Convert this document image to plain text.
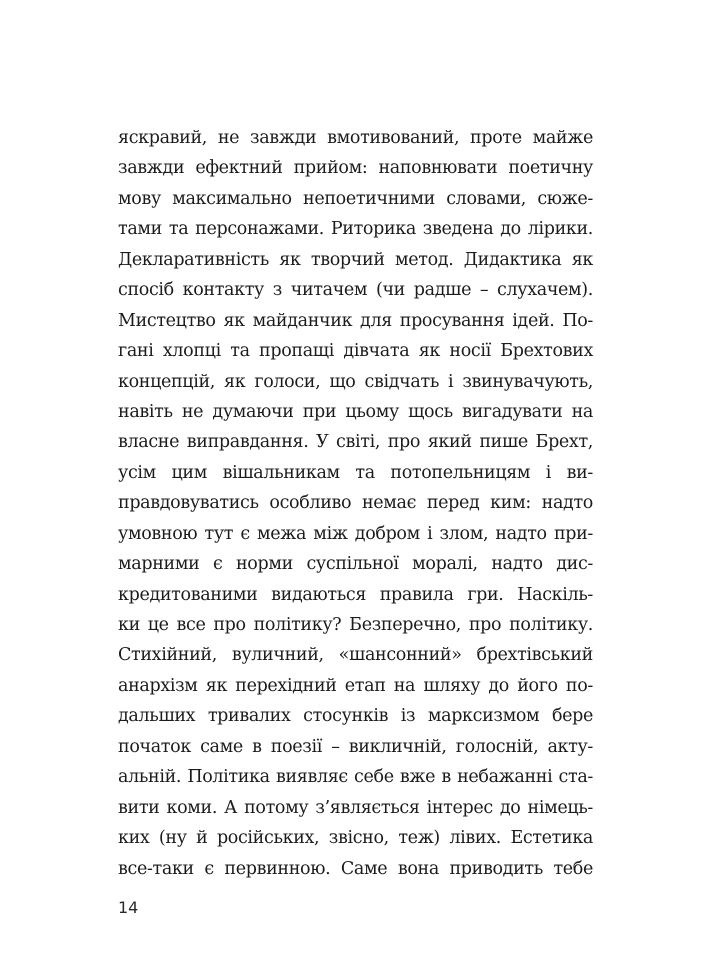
яскравий, не завжди вмотивований, проте майже
завжди ефектний прийом: наповнювати поетичну
мову максимально непоетичними словами, сюже-
тами та персонажами. Риторика зведена до лірики.
Декларативність як творчий метод. Дидактика як
спосіб контакту з читачем (чи радше – слухачем).
Мистецтво як майданчик для просування ідей. По-
гані хлопці та пропащі дівчата як носії Брехтових
концепцій, як голоси, що свідчать і звинувачують,
навіть не думаючи при цьому щось вигадувати на
власне виправдання. У світі, про який пише Брехт,
усім цим вішальникам та потопельницям і ви-
правдовуватись особливо немає перед ким: надто
умовною тут є межа між добром і злом, надто при-
марними є норми суспільної моралі, надто дис-
кредитованими видаються правила гри. Наскіль-
ки це все про політику? Безперечно, про політику.
Стихійний, вуличний, «шансонний» брехтівський
анархізм як перехідний етап на шляху до його по-
дальших тривалих стосунків із марксизмом бере
початок саме в поезії – викличній, голосній, акту-
альній. Політика виявляє себе вже в небажанні ста-
вити коми. А потому з’являється інтерес до німець-
ких (ну й російських, звісно, теж) лівих. Естетика
все-таки є первинною. Саме вона приводить тебе
14
